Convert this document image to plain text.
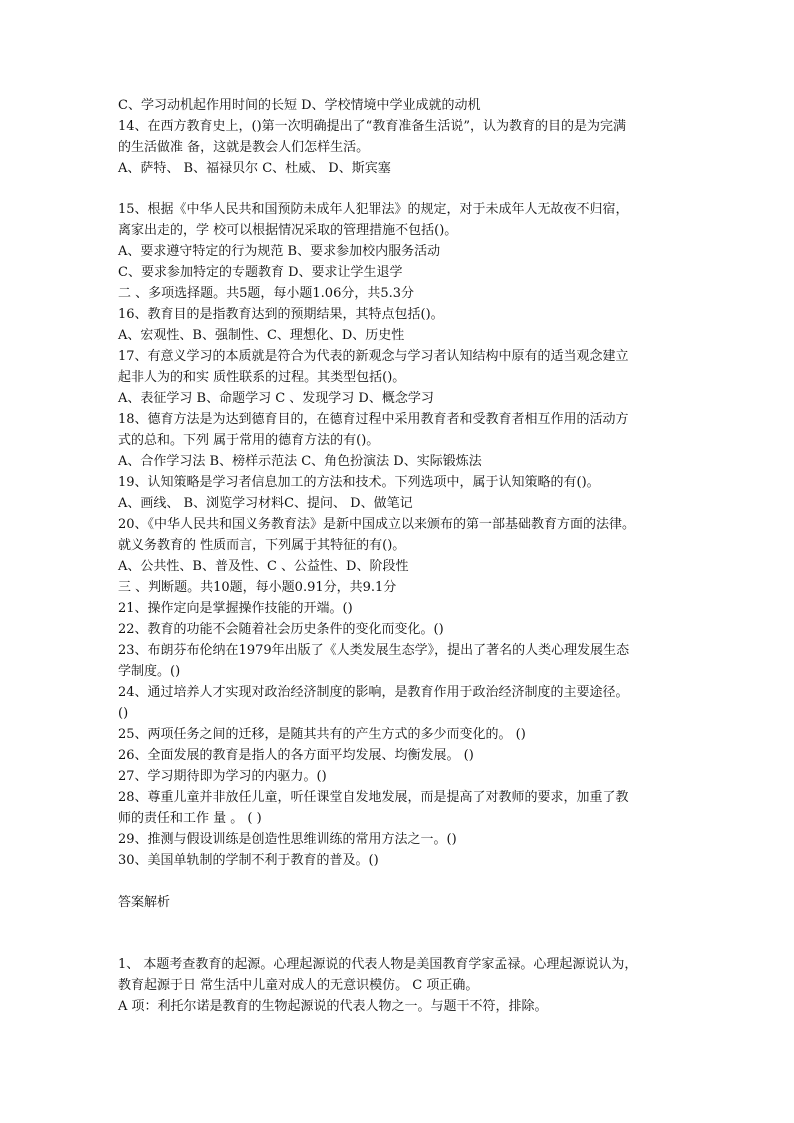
C、学习动机起作用时间的长短 D、学校情境中学业成就的动机
14、在西方教育史上，()第一次明确提出了“教育准备生活说”，认为教育的目的是为完满
的生活做准 备，这就是教会人们怎样生活。
A、萨特、 B、福禄贝尔 C、杜威、 D、斯宾塞
15、根据《中华人民共和国预防未成年人犯罪法》的规定，对于未成年人无故夜不归宿，
离家出走的，学 校可以根据情况采取的管理措施不包括()。
A、要求遵守特定的行为规范 B、要求参加校内服务活动
C、要求参加特定的专题教育 D、要求让学生退学
二 、多项选择题。共5题，每小题1.06分，共5.3分
16、教育目的是指教育达到的预期结果，其特点包括()。
A、宏观性、B、强制性、C、理想化、D、历史性
17、有意义学习的本质就是符合为代表的新观念与学习者认知结构中原有的适当观念建立
起非人为的和实 质性联系的过程。其类型包括()。
A、表征学习 B、命题学习 C 、发现学习 D、概念学习
18、德育方法是为达到德育目的，在德育过程中采用教育者和受教育者相互作用的活动方
式的总和。下列 属于常用的德育方法的有()。
A、合作学习法 B、榜样示范法 C、角色扮演法 D、实际锻炼法
19、认知策略是学习者信息加工的方法和技术。下列选项中，属于认知策略的有()。
A、画线、 B、浏览学习材料C、提问、 D、做笔记
20、《中华人民共和国义务教育法》是新中国成立以来颁布的第一部基础教育方面的法律。
就义务教育的 性质而言，下列属于其特征的有()。
A、公共性、B、普及性、C 、公益性、D、阶段性
三 、判断题。共10题，每小题0.91分，共9.1分
21、操作定向是掌握操作技能的开端。()
22、教育的功能不会随着社会历史条件的变化而变化。()
23、布朗芬布伦纳在1979年出版了《人类发展生态学》，提出了著名的人类心理发展生态
学制度。()
24、通过培养人才实现对政治经济制度的影响，是教育作用于政治经济制度的主要途径。
()
25、两项任务之间的迁移，是随其共有的产生方式的多少而变化的。 ()
26、全面发展的教育是指人的各方面平均发展、均衡发展。 ()
27、学习期待即为学习的内驱力。()
28、尊重儿童并非放任儿童，听任课堂自发地发展，而是提高了对教师的要求，加重了教
师的责任和工作 量 。 ( )
29、推测与假设训练是创造性思维训练的常用方法之一。()
30、美国单轨制的学制不利于教育的普及。()
答案解析
1、 本题考查教育的起源。心理起源说的代表人物是美国教育学家孟禄。心理起源说认为，
教育起源于日 常生活中儿童对成人的无意识模仿。 C 项正确。
A 项：利托尔诺是教育的生物起源说的代表人物之一。与题干不符，排除。
